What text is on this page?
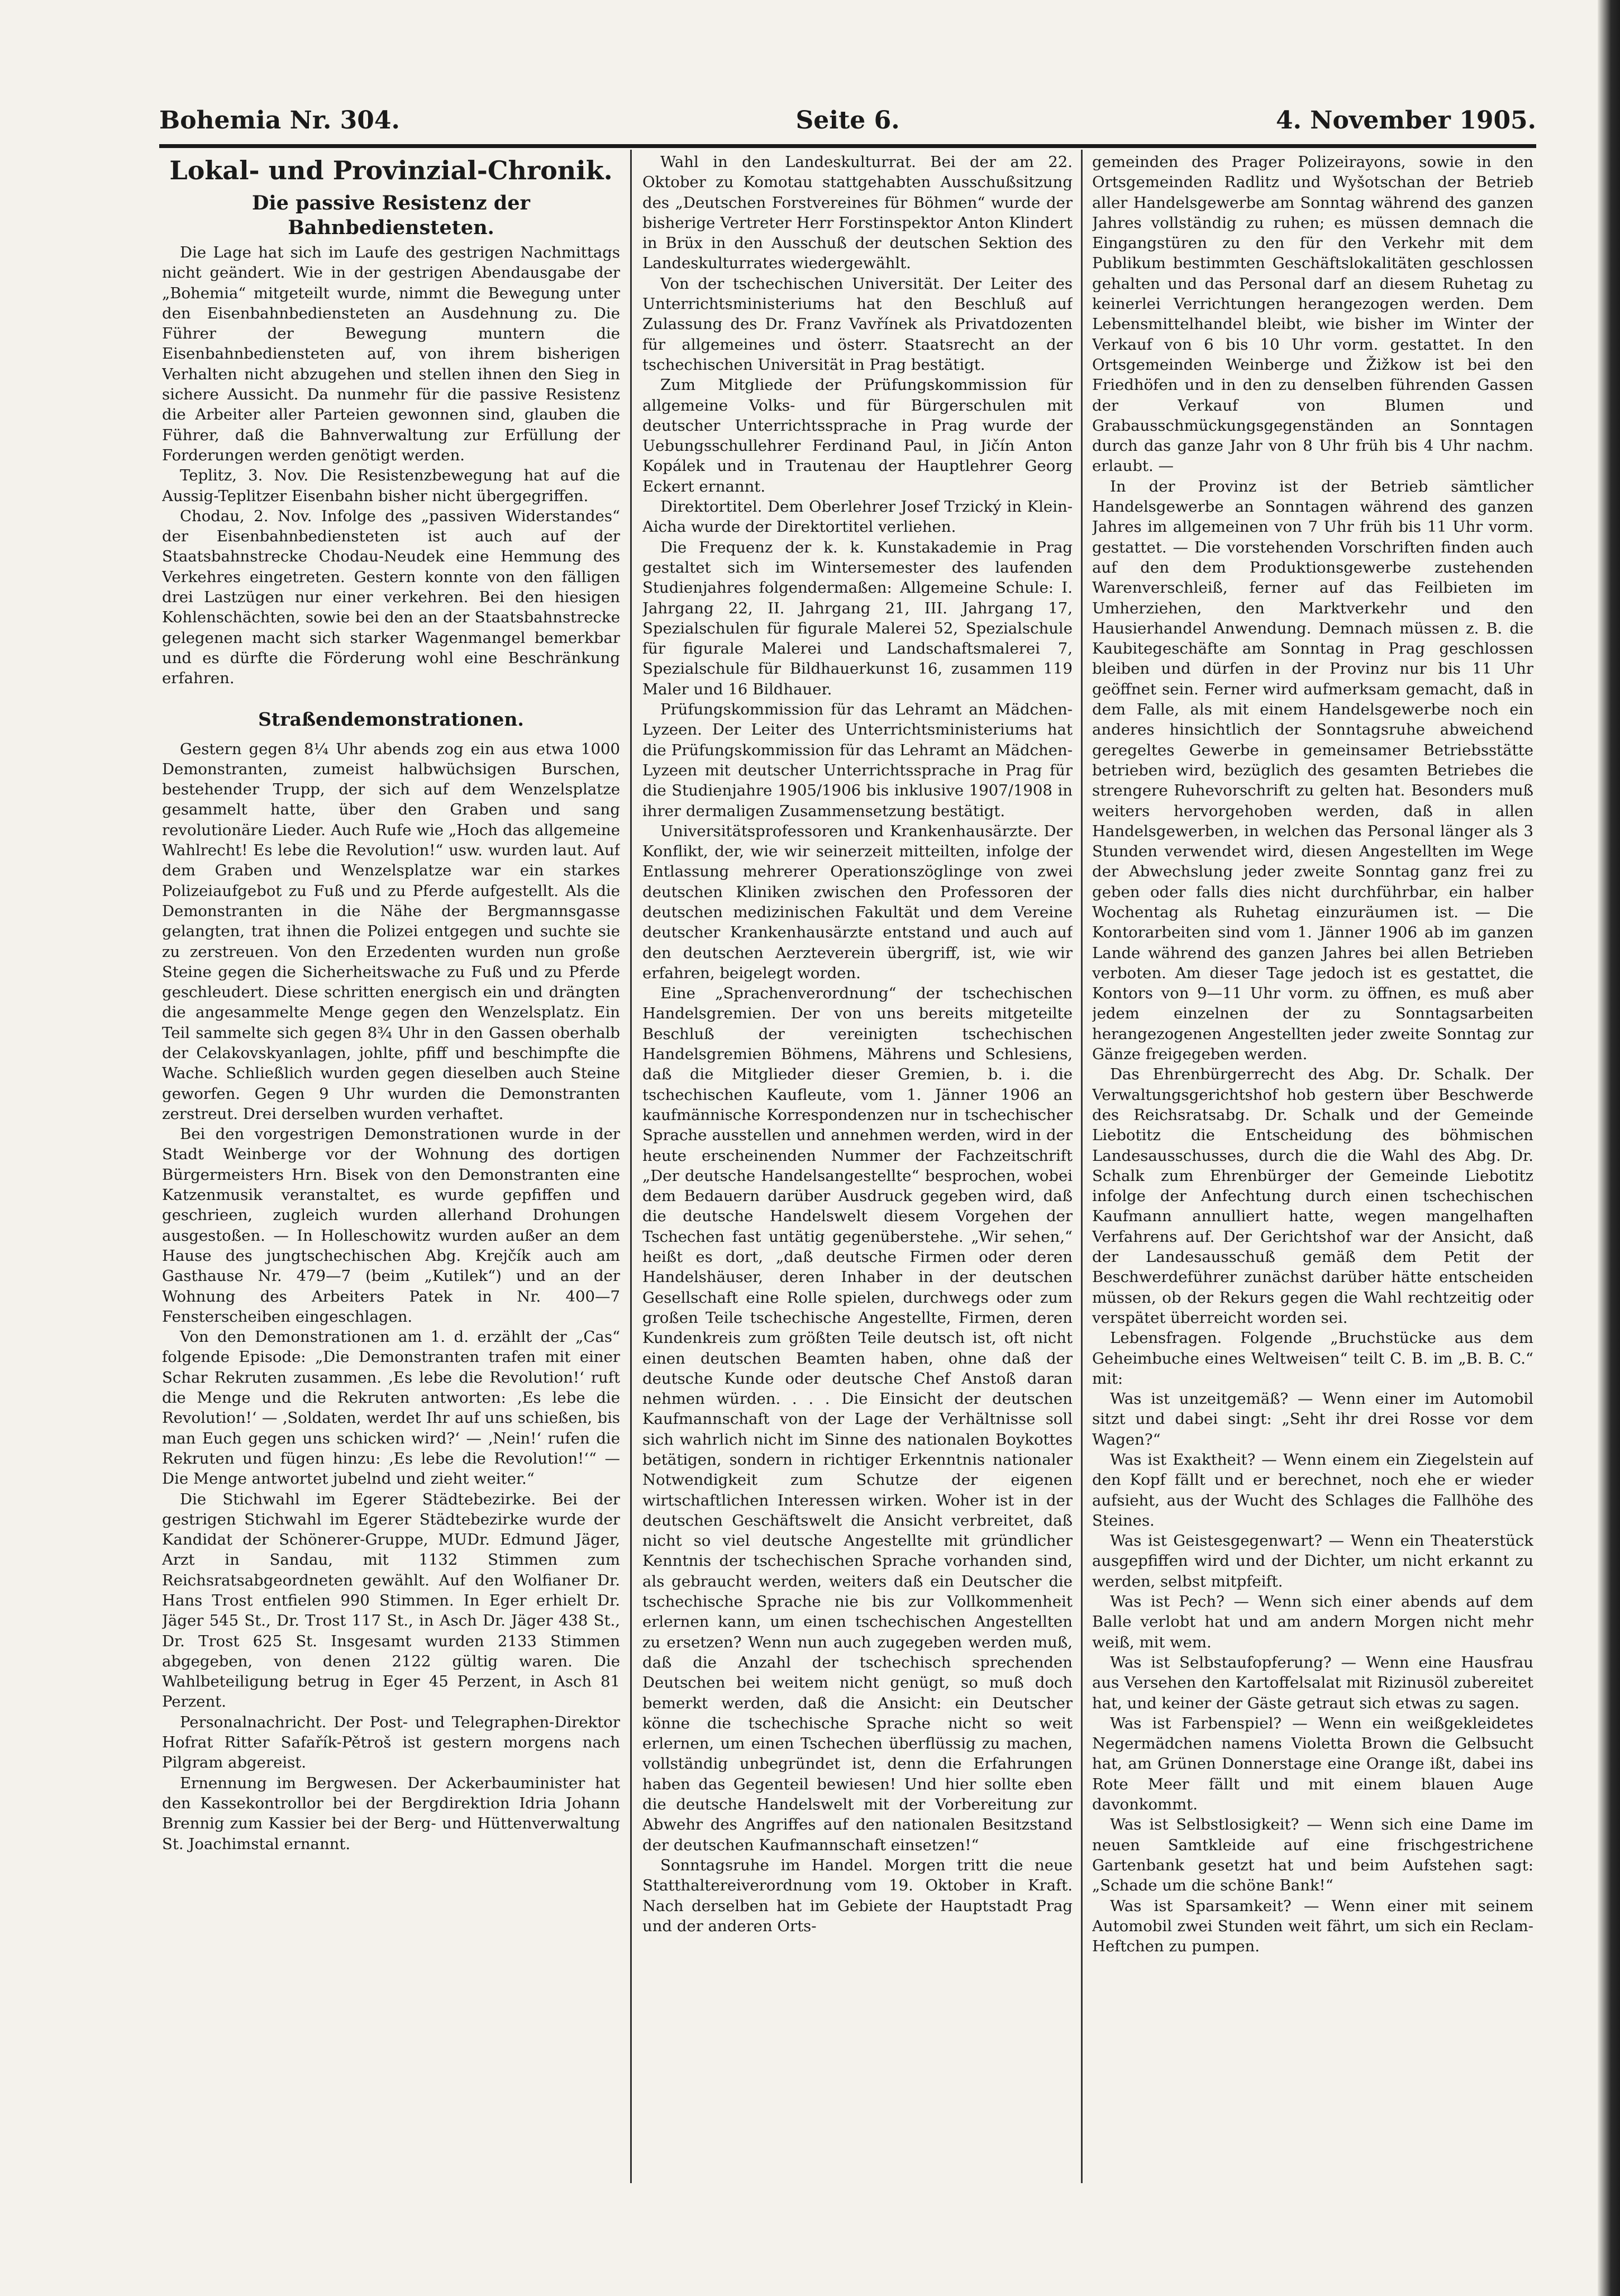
Bohemia Nr. 304.	Seite 6.	4. November 1905.
Lokal- und Provinzial-Chronik.
Die passive Resistenz der Bahnbediensteten.

Die Lage hat sich im Laufe des gestrigen Nachmittags nicht geändert. Wie in der gestrigen Abendausgabe der „Bohemia“ mitgeteilt wurde, nimmt die Bewegung unter den Eisenbahnbediensteten an Ausdehnung zu. Die Führer der Bewegung muntern die Eisenbahnbediensteten auf, von ihrem bisherigen Verhalten nicht abzugehen und stellen ihnen den Sieg in sichere Aussicht. Da nunmehr für die passive Resistenz die Arbeiter aller Parteien gewonnen sind, glauben die Führer, daß die Bahnverwaltung zur Erfüllung der Forderungen werden genötigt werden.

Teplitz, 3. Nov. Die Resistenzbewegung hat auf die Aussig-Teplitzer Eisenbahn bisher nicht übergegriffen.

Chodau, 2. Nov. Infolge des „passiven Widerstandes“ der Eisenbahnbediensteten ist auch auf der Staatsbahnstrecke Chodau-Neudek eine Hemmung des Verkehres eingetreten. Gestern konnte von den fälligen drei Lastzügen nur einer verkehren. Bei den hiesigen Kohlenschächten, sowie bei den an der Staatsbahnstrecke gelegenen macht sich starker Wagenmangel bemerkbar und es dürfte die Förderung wohl eine Beschränkung erfahren.

Straßendemonstrationen.

Gestern gegen 8¼ Uhr abends zog ein aus etwa 1000 Demonstranten, zumeist halbwüchsigen Burschen, bestehender Trupp, der sich auf dem Wenzelsplatze gesammelt hatte, über den Graben und sang revolutionäre Lieder. Auch Rufe wie „Hoch das allgemeine Wahlrecht! Es lebe die Revolution!“ usw. wurden laut. Auf dem Graben und Wenzelsplatze war ein starkes Polizeiaufgebot zu Fuß und zu Pferde aufgestellt. Als die Demonstranten in die Nähe der Bergmannsgasse gelangten, trat ihnen die Polizei entgegen und suchte sie zu zerstreuen. Von den Erzedenten wurden nun große Steine gegen die Sicherheitswache zu Fuß und zu Pferde geschleudert. Diese schritten energisch ein und drängten die angesammelte Menge gegen den Wenzelsplatz. Ein Teil sammelte sich gegen 8¾ Uhr in den Gassen oberhalb der Celakovskyanlagen, johlte, pfiff und beschimpfte die Wache. Schließlich wurden gegen dieselben auch Steine geworfen. Gegen 9 Uhr wurden die Demonstranten zerstreut. Drei derselben wurden verhaftet.

Bei den vorgestrigen Demonstrationen wurde in der Stadt Weinberge vor der Wohnung des dortigen Bürgermeisters Hrn. Bisek von den Demonstranten eine Katzenmusik veranstaltet, es wurde gepfiffen und geschrieen, zugleich wurden allerhand Drohungen ausgestoßen. — In Holleschowitz wurden außer an dem Hause des jungtschechischen Abg. Krejčík auch am Gasthause Nr. 479—7 (beim „Kutilek“) und an der Wohnung des Arbeiters Patek in Nr. 400—7 Fensterscheiben eingeschlagen.

Von den Demonstrationen am 1. d. erzählt der „Cas“ folgende Episode: „Die Demonstranten trafen mit einer Schar Rekruten zusammen. ‚Es lebe die Revolution!‘ ruft die Menge und die Rekruten antworten: ‚Es lebe die Revolution!‘ — ‚Soldaten, werdet Ihr auf uns schießen, bis man Euch gegen uns schicken wird?‘ — ‚Nein!‘ rufen die Rekruten und fügen hinzu: ‚Es lebe die Revolution!‘“ — Die Menge antwortet jubelnd und zieht weiter.“

Die Stichwahl im Egerer Städtebezirke. Bei der gestrigen Stichwahl im Egerer Städtebezirke wurde der Kandidat der Schönerer-Gruppe, MUDr. Edmund Jäger, Arzt in Sandau, mit 1132 Stimmen zum Reichsratsabgeordneten gewählt. Auf den Wolfianer Dr. Hans Trost entfielen 990 Stimmen. In Eger erhielt Dr. Jäger 545 St., Dr. Trost 117 St., in Asch Dr. Jäger 438 St., Dr. Trost 625 St. Insgesamt wurden 2133 Stimmen abgegeben, von denen 2122 gültig waren. Die Wahlbeteiligung betrug in Eger 45 Perzent, in Asch 81 Perzent.

Personalnachricht. Der Post- und Telegraphen-Direktor Hofrat Ritter Safařík-Pětroš ist gestern morgens nach Pilgram abgereist.

Ernennung im Bergwesen. Der Ackerbauminister hat den Kassekontrollor bei der Bergdirektion Idria Johann Brennig zum Kassier bei der Berg- und Hüttenverwaltung St. Joachimstal ernannt.

Wahl in den Landeskulturrat. Bei der am 22. Oktober zu Komotau stattgehabten Ausschußsitzung des „Deutschen Forstvereines für Böhmen“ wurde der bisherige Vertreter Herr Forstinspektor Anton Klindert in Brüx in den Ausschuß der deutschen Sektion des Landeskulturrates wiedergewählt.

Von der tschechischen Universität. Der Leiter des Unterrichtsministeriums hat den Beschluß auf Zulassung des Dr. Franz Vavřínek als Privatdozenten für allgemeines und österr. Staatsrecht an der tschechischen Universität in Prag bestätigt.

Zum Mitgliede der Prüfungskommission für allgemeine Volks- und für Bürgerschulen mit deutscher Unterrichtssprache in Prag wurde der Uebungsschullehrer Ferdinand Paul, in Jičín Anton Kopálek und in Trautenau der Hauptlehrer Georg Eckert ernannt.

Direktortitel. Dem Oberlehrer Josef Trzický in Klein-Aicha wurde der Direktortitel verliehen.

Die Frequenz der k. k. Kunstakademie in Prag gestaltet sich im Wintersemester des laufenden Studienjahres folgendermaßen: Allgemeine Schule: I. Jahrgang 22, II. Jahrgang 21, III. Jahrgang 17, Spezialschulen für figurale Malerei 52, Spezialschule für figurale Malerei und Landschaftsmalerei 7, Spezialschule für Bildhauerkunst 16, zusammen 119 Maler und 16 Bildhauer.

Prüfungskommission für das Lehramt an Mädchen-Lyzeen. Der Leiter des Unterrichtsministeriums hat die Prüfungskommission für das Lehramt an Mädchen-Lyzeen mit deutscher Unterrichtssprache in Prag für die Studienjahre 1905/1906 bis inklusive 1907/1908 in ihrer dermaligen Zusammensetzung bestätigt.

Universitätsprofessoren und Krankenhausärzte. Der Konflikt, der, wie wir seinerzeit mitteilten, infolge der Entlassung mehrerer Operationszöglinge von zwei deutschen Kliniken zwischen den Professoren der deutschen medizinischen Fakultät und dem Vereine deutscher Krankenhausärzte entstand und auch auf den deutschen Aerzteverein übergriff, ist, wie wir erfahren, beigelegt worden.

Eine „Sprachenverordnung“ der tschechischen Handelsgremien. Der von uns bereits mitgeteilte Beschluß der vereinigten tschechischen Handelsgremien Böhmens, Mährens und Schlesiens, daß die Mitglieder dieser Gremien, b. i. die tschechischen Kaufleute, vom 1. Jänner 1906 an kaufmännische Korrespondenzen nur in tschechischer Sprache ausstellen und annehmen werden, wird in der heute erscheinenden Nummer der Fachzeitschrift „Der deutsche Handelsangestellte“ besprochen, wobei dem Bedauern darüber Ausdruck gegeben wird, daß die deutsche Handelswelt diesem Vorgehen der Tschechen fast untätig gegenüberstehe. „Wir sehen,“ heißt es dort, „daß deutsche Firmen oder deren Handelshäuser, deren Inhaber in der deutschen Gesellschaft eine Rolle spielen, durchwegs oder zum großen Teile tschechische Angestellte, Firmen, deren Kundenkreis zum größten Teile deutsch ist, oft nicht einen deutschen Beamten haben, ohne daß der deutsche Kunde oder deutsche Chef Anstoß daran nehmen würden. . . . Die Einsicht der deutschen Kaufmannschaft von der Lage der Verhältnisse soll sich wahrlich nicht im Sinne des nationalen Boykottes betätigen, sondern in richtiger Erkenntnis nationaler Notwendigkeit zum Schutze der eigenen wirtschaftlichen Interessen wirken. Woher ist in der deutschen Geschäftswelt die Ansicht verbreitet, daß nicht so viel deutsche Angestellte mit gründlicher Kenntnis der tschechischen Sprache vorhanden sind, als gebraucht werden, weiters daß ein Deutscher die tschechische Sprache nie bis zur Vollkommenheit erlernen kann, um einen tschechischen Angestellten zu ersetzen? Wenn nun auch zugegeben werden muß, daß die Anzahl der tschechisch sprechenden Deutschen bei weitem nicht genügt, so muß doch bemerkt werden, daß die Ansicht: ein Deutscher könne die tschechische Sprache nicht so weit erlernen, um einen Tschechen überflüssig zu machen, vollständig unbegründet ist, denn die Erfahrungen haben das Gegenteil bewiesen! Und hier sollte eben die deutsche Handelswelt mit der Vorbereitung zur Abwehr des Angriffes auf den nationalen Besitzstand der deutschen Kaufmannschaft einsetzen!“

Sonntagsruhe im Handel. Morgen tritt die neue Statthaltereiverordnung vom 19. Oktober in Kraft. Nach derselben hat im Gebiete der Hauptstadt Prag und der anderen Orts-

gemeinden des Prager Polizeirayons, sowie in den Ortsgemeinden Radlitz und Wyšotschan der Betrieb aller Handelsgewerbe am Sonntag während des ganzen Jahres vollständig zu ruhen; es müssen demnach die Eingangstüren zu den für den Verkehr mit dem Publikum bestimmten Geschäftslokalitäten geschlossen gehalten und das Personal darf an diesem Ruhetag zu keinerlei Verrichtungen herangezogen werden. Dem Lebensmittelhandel bleibt, wie bisher im Winter der Verkauf von 6 bis 10 Uhr vorm. gestattet. In den Ortsgemeinden Weinberge und Žižkow ist bei den Friedhöfen und in den zu denselben führenden Gassen der Verkauf von Blumen und Grabausschmückungsgegenständen an Sonntagen durch das ganze Jahr von 8 Uhr früh bis 4 Uhr nachm. erlaubt. —

In der Provinz ist der Betrieb sämtlicher Handelsgewerbe an Sonntagen während des ganzen Jahres im allgemeinen von 7 Uhr früh bis 11 Uhr vorm. gestattet. — Die vorstehenden Vorschriften finden auch auf den dem Produktionsgewerbe zustehenden Warenverschleiß, ferner auf das Feilbieten im Umherziehen, den Marktverkehr und den Hausierhandel Anwendung. Demnach müssen z. B. die Kaubitegeschäfte am Sonntag in Prag geschlossen bleiben und dürfen in der Provinz nur bis 11 Uhr geöffnet sein. Ferner wird aufmerksam gemacht, daß in dem Falle, als mit einem Handelsgewerbe noch ein anderes hinsichtlich der Sonntagsruhe abweichend geregeltes Gewerbe in gemeinsamer Betriebsstätte betrieben wird, bezüglich des gesamten Betriebes die strengere Ruhevorschrift zu gelten hat. Besonders muß weiters hervorgehoben werden, daß in allen Handelsgewerben, in welchen das Personal länger als 3 Stunden verwendet wird, diesen Angestellten im Wege der Abwechslung jeder zweite Sonntag ganz frei zu geben oder falls dies nicht durchführbar, ein halber Wochentag als Ruhetag einzuräumen ist. — Die Kontorarbeiten sind vom 1. Jänner 1906 ab im ganzen Lande während des ganzen Jahres bei allen Betrieben verboten. Am dieser Tage jedoch ist es gestattet, die Kontors von 9—11 Uhr vorm. zu öffnen, es muß aber jedem einzelnen der zu Sonntagsarbeiten herangezogenen Angestellten jeder zweite Sonntag zur Gänze freigegeben werden.

Das Ehrenbürgerrecht des Abg. Dr. Schalk. Der Verwaltungsgerichtshof hob gestern über Beschwerde des Reichsratsabg. Dr. Schalk und der Gemeinde Liebotitz die Entscheidung des böhmischen Landesausschusses, durch die die Wahl des Abg. Dr. Schalk zum Ehrenbürger der Gemeinde Liebotitz infolge der Anfechtung durch einen tschechischen Kaufmann annulliert hatte, wegen mangelhaften Verfahrens auf. Der Gerichtshof war der Ansicht, daß der Landesausschuß gemäß dem Petit der Beschwerdeführer zunächst darüber hätte entscheiden müssen, ob der Rekurs gegen die Wahl rechtzeitig oder verspätet überreicht worden sei.

Lebensfragen. Folgende „Bruchstücke aus dem Geheimbuche eines Weltweisen“ teilt C. B. im „B. B. C.“ mit:

Was ist unzeitgemäß? — Wenn einer im Automobil sitzt und dabei singt: „Seht ihr drei Rosse vor dem Wagen?“

Was ist Exaktheit? — Wenn einem ein Ziegelstein auf den Kopf fällt und er berechnet, noch ehe er wieder aufsieht, aus der Wucht des Schlages die Fallhöhe des Steines.

Was ist Geistesgegenwart? — Wenn ein Theaterstück ausgepfiffen wird und der Dichter, um nicht erkannt zu werden, selbst mitpfeift.

Was ist Pech? — Wenn sich einer abends auf dem Balle verlobt hat und am andern Morgen nicht mehr weiß, mit wem.

Was ist Selbstaufopferung? — Wenn eine Hausfrau aus Versehen den Kartoffelsalat mit Rizinusöl zubereitet hat, und keiner der Gäste getraut sich etwas zu sagen.

Was ist Farbenspiel? — Wenn ein weißgekleidetes Negermädchen namens Violetta Brown die Gelbsucht hat, am Grünen Donnerstage eine Orange ißt, dabei ins Rote Meer fällt und mit einem blauen Auge davonkommt.

Was ist Selbstlosigkeit? — Wenn sich eine Dame im neuen Samtkleide auf eine frischgestrichene Gartenbank gesetzt hat und beim Aufstehen sagt: „Schade um die schöne Bank!“

Was ist Sparsamkeit? — Wenn einer mit seinem Automobil zwei Stunden weit fährt, um sich ein Reclam-Heftchen zu pumpen.
